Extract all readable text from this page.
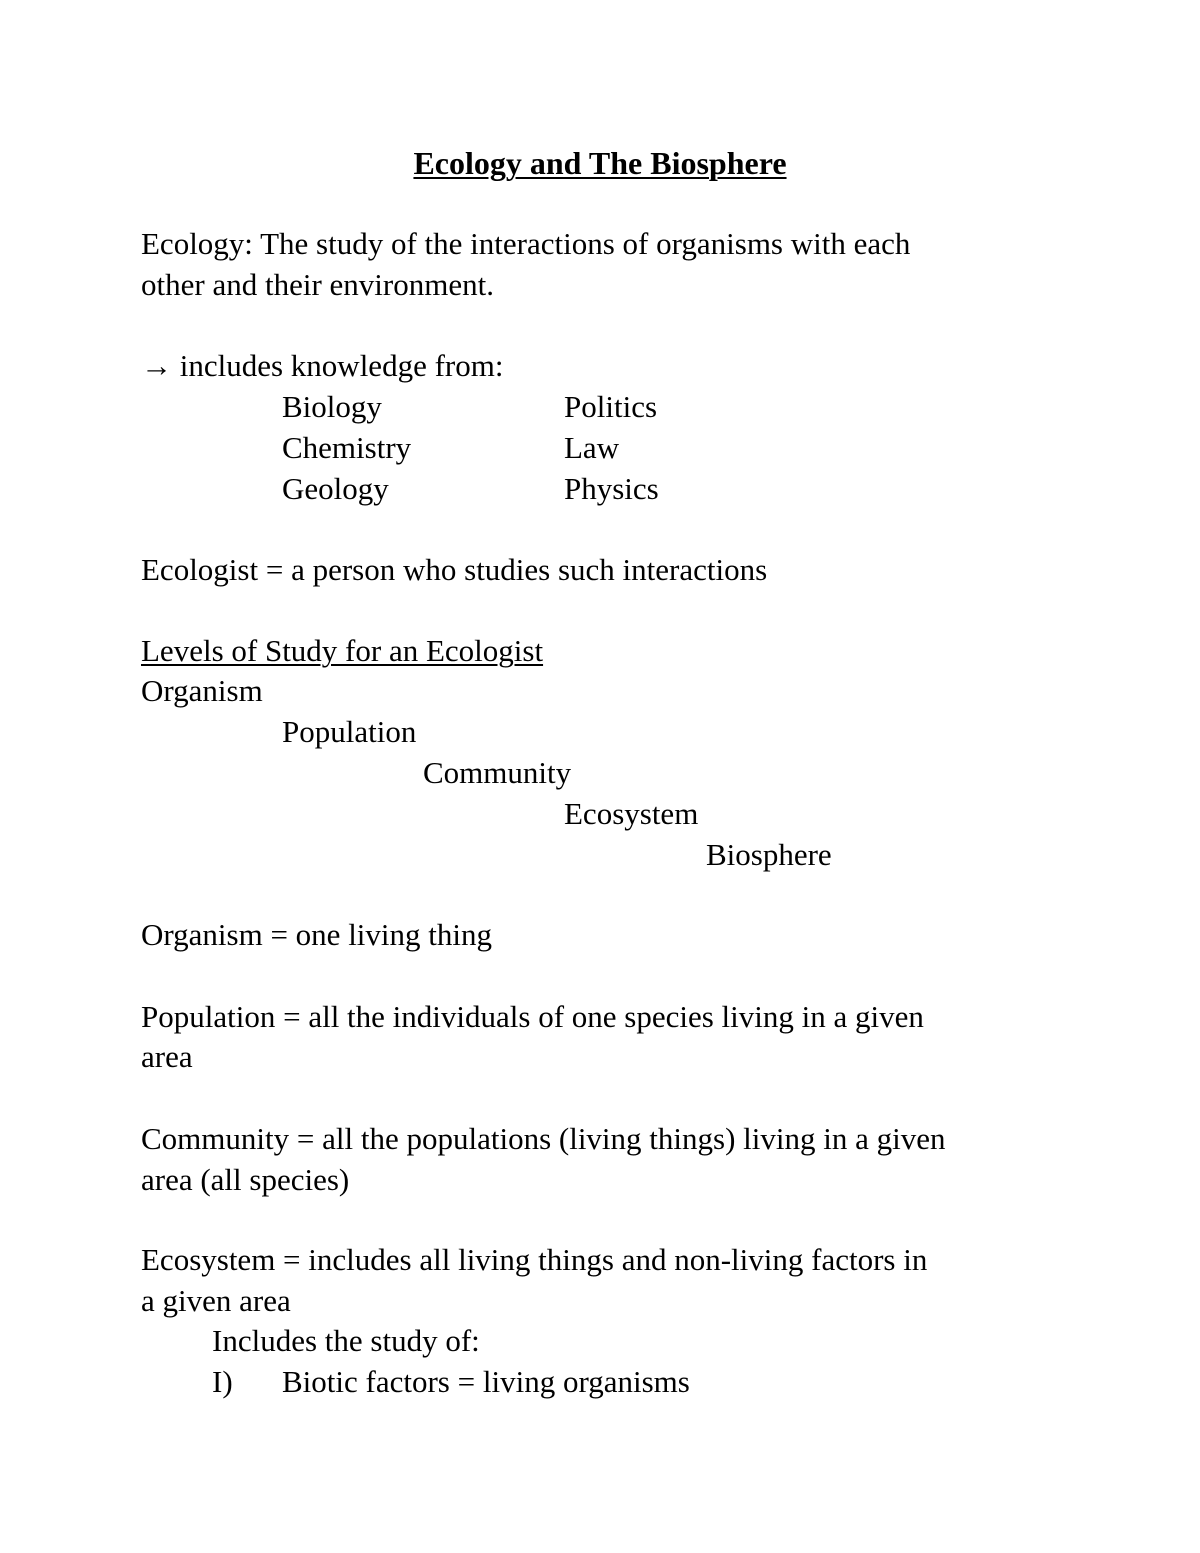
Ecology and The Biosphere
Ecology: The study of the interactions of organisms with each
other and their environment.
→ includes knowledge from:
Biology	Politics
Chemistry	Law
Geology	Physics
Ecologist = a person who studies such interactions
Levels of Study for an Ecologist
Organism
Population
Community
Ecosystem
Biosphere
Organism = one living thing
Population = all the individuals of one species living in a given
area
Community = all the populations (living things) living in a given
area (all species)
Ecosystem = includes all living things and non-living factors in
a given area
Includes the study of:
I) Biotic factors = living organisms
